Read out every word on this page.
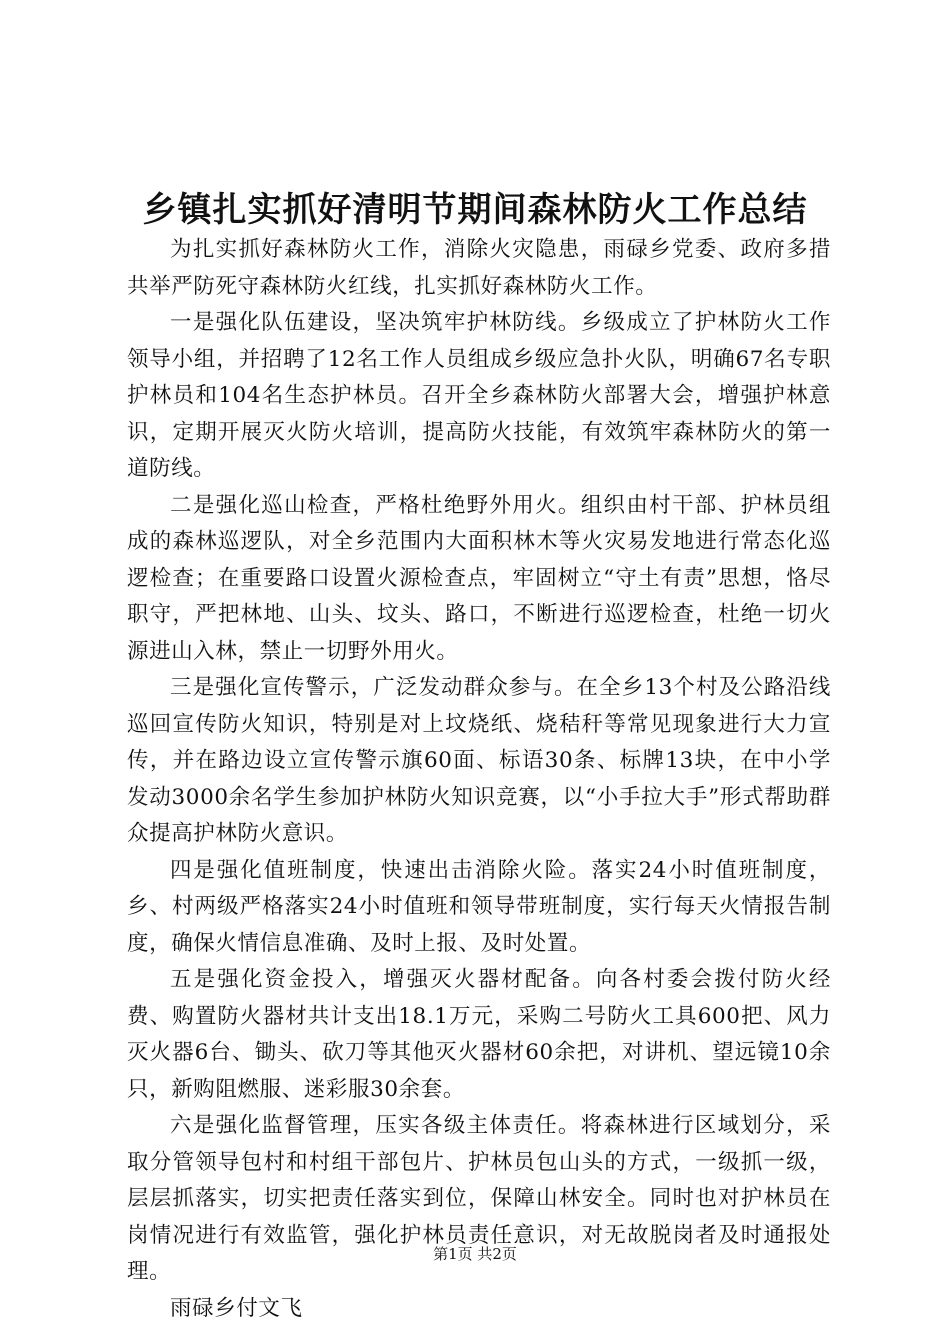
乡镇扎实抓好清明节期间森林防火工作总结

为扎实抓好森林防火工作，消除火灾隐患，雨碌乡党委、政府多措共举严防死守森林防火红线，扎实抓好森林防火工作。

一是强化队伍建设，坚决筑牢护林防线。乡级成立了护林防火工作领导小组，并招聘了12名工作人员组成乡级应急扑火队，明确67名专职护林员和104名生态护林员。召开全乡森林防火部署大会，增强护林意识，定期开展灭火防火培训，提高防火技能，有效筑牢森林防火的第一道防线。

二是强化巡山检查，严格杜绝野外用火。组织由村干部、护林员组成的森林巡逻队，对全乡范围内大面积林木等火灾易发地进行常态化巡逻检查；在重要路口设置火源检查点，牢固树立“守土有责”思想，恪尽职守，严把林地、山头、坟头、路口，不断进行巡逻检查，杜绝一切火源进山入林，禁止一切野外用火。

三是强化宣传警示，广泛发动群众参与。在全乡13个村及公路沿线巡回宣传防火知识，特别是对上坟烧纸、烧秸秆等常见现象进行大力宣传，并在路边设立宣传警示旗60面、标语30条、标牌13块，在中小学发动3000余名学生参加护林防火知识竞赛，以“小手拉大手”形式帮助群众提高护林防火意识。

四是强化值班制度，快速出击消除火险。落实24小时值班制度，乡、村两级严格落实24小时值班和领导带班制度，实行每天火情报告制度，确保火情信息准确、及时上报、及时处置。

五是强化资金投入，增强灭火器材配备。向各村委会拨付防火经费、购置防火器材共计支出18.1万元，采购二号防火工具600把、风力灭火器6台、锄头、砍刀等其他灭火器材60余把，对讲机、望远镜10余只，新购阻燃服、迷彩服30余套。

六是强化监督管理，压实各级主体责任。将森林进行区域划分，采取分管领导包村和村组干部包片、护林员包山头的方式，一级抓一级，层层抓落实，切实把责任落实到位，保障山林安全。同时也对护林员在岗情况进行有效监管，强化护林员责任意识，对无故脱岗者及时通报处理。

雨碌乡付文飞

第1页 共2页
